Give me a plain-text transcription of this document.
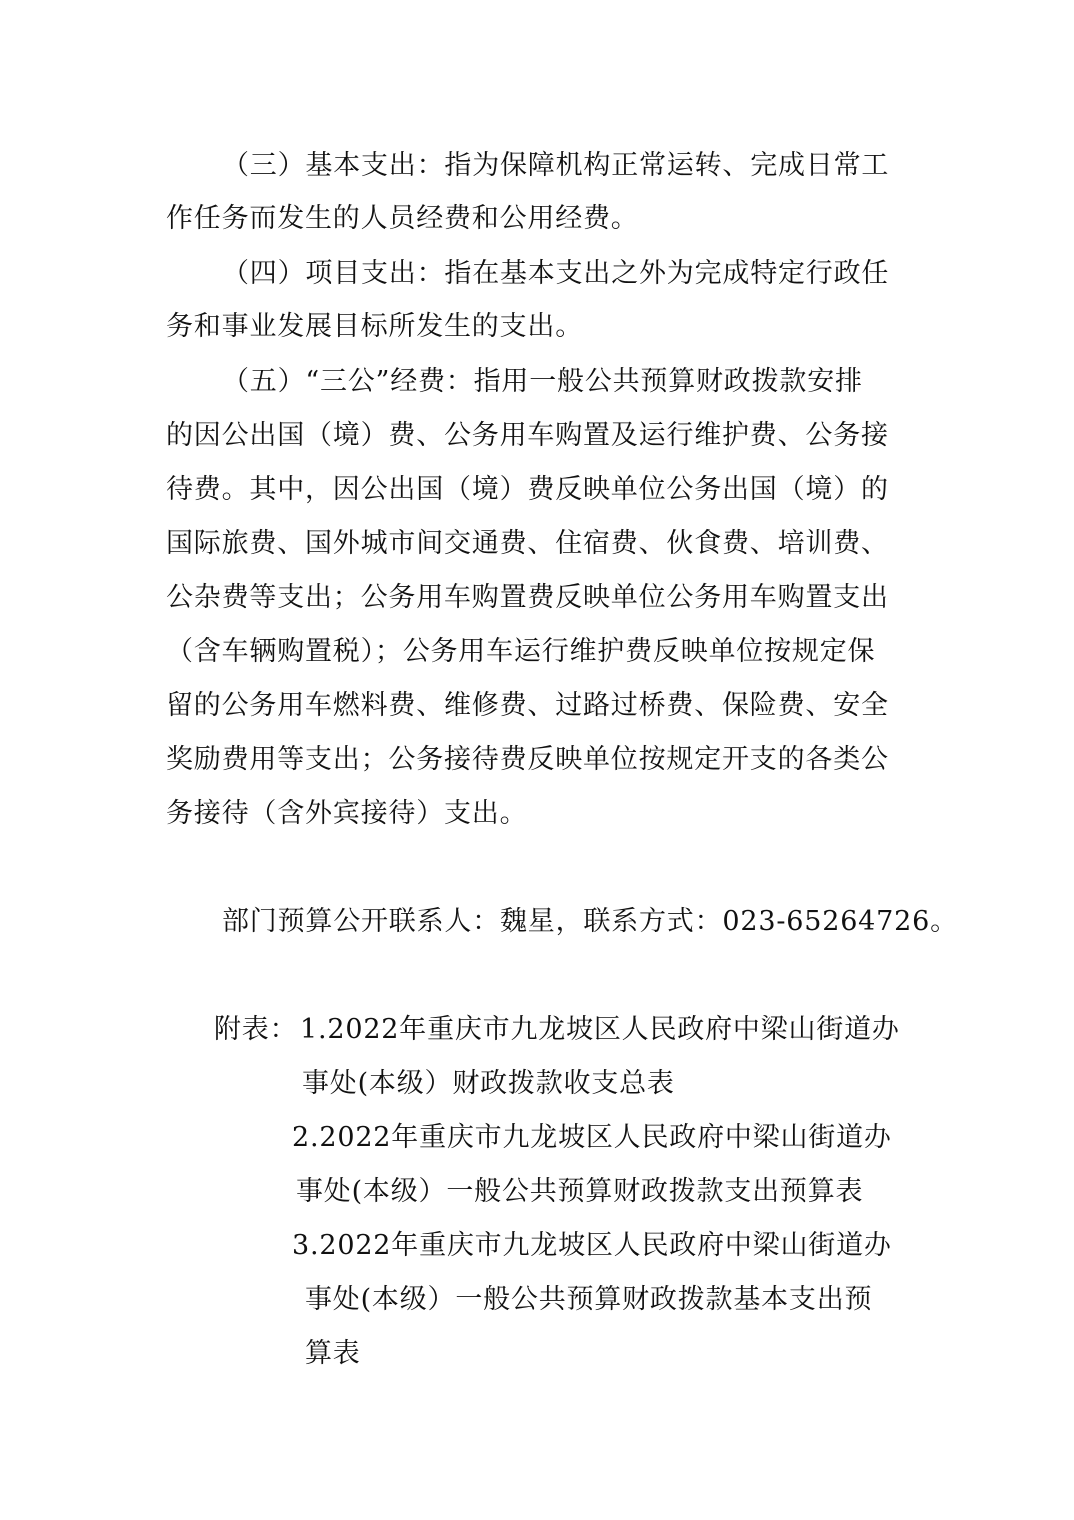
（三）基本支出：指为保障机构正常运转、完成日常工
作任务而发生的人员经费和公用经费。
（四）项目支出：指在基本支出之外为完成特定行政任
务和事业发展目标所发生的支出。
（五）“三公”经费：指用一般公共预算财政拨款安排
的因公出国（境）费、公务用车购置及运行维护费、公务接
待费。其中，因公出国（境）费反映单位公务出国（境）的
国际旅费、国外城市间交通费、住宿费、伙食费、培训费、
公杂费等支出；公务用车购置费反映单位公务用车购置支出
（含车辆购置税）；公务用车运行维护费反映单位按规定保
留的公务用车燃料费、维修费、过路过桥费、保险费、安全
奖励费用等支出；公务接待费反映单位按规定开支的各类公
务接待（含外宾接待）支出。
部门预算公开联系人：魏星，联系方式：023-65264726。
附表： 1.2022年重庆市九龙坡区人民政府中梁山街道办
事处(本级）财政拨款收支总表
2.2022年重庆市九龙坡区人民政府中梁山街道办
事处(本级）一般公共预算财政拨款支出预算表
3.2022年重庆市九龙坡区人民政府中梁山街道办
事处(本级）一般公共预算财政拨款基本支出预
算表
